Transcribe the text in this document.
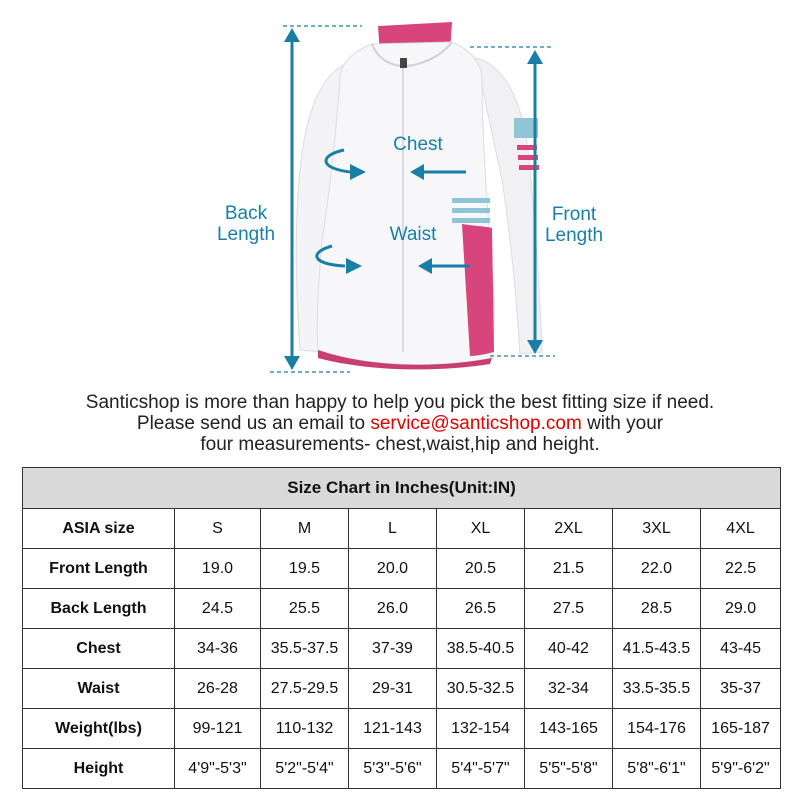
Chest
Waist
Back
Length
Front
Length
Santicshop is more than happy to help you pick the best fitting size if need.
Please send us an email to service@santicshop.com with your
four measurements- chest,waist,hip and height.
Size Chart in Inches(Unit:IN)							
ASIA size	S	M	L	XL	2XL	3XL	4XL
Front Length	19.0	19.5	20.0	20.5	21.5	22.0	22.5
Back Length	24.5	25.5	26.0	26.5	27.5	28.5	29.0
Chest	34-36	35.5-37.5	37-39	38.5-40.5	40-42	41.5-43.5	43-45
Waist	26-28	27.5-29.5	29-31	30.5-32.5	32-34	33.5-35.5	35-37
Weight(lbs)	99-121	110-132	121-143	132-154	143-165	154-176	165-187
Height	4'9"-5'3"	5'2"-5'4"	5'3"-5'6"	5'4"-5'7"	5'5"-5'8"	5'8"-6'1"	5'9"-6'2"
